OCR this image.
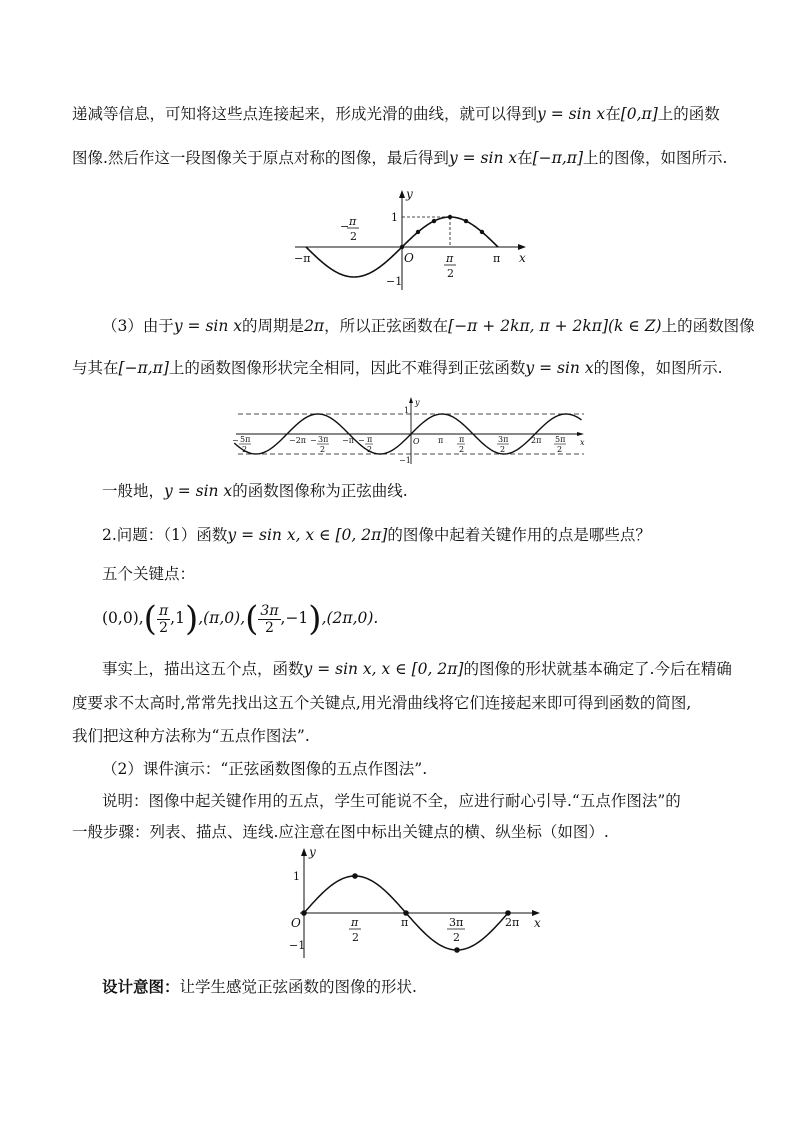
递减等信息，可知将这些点连接起来，形成光滑的曲线，就可以得到y = sin x在[0,π]上的函数
图像.然后作这一段图像关于原点对称的图像，最后得到y = sin x在[−π,π]上的图像，如图所示.
y
x
O
1
−1
−π	π
π
2
− π
2
（3）由于y = sin x的周期是2π，所以正弦函数在[−π + 2kπ, π + 2kπ](k ∈ Z)上的函数图像
与其在[−π,π]上的函数图像形状完全相同，因此不难得到正弦函数y = sin x的图像，如图所示.
y
x
O
1
−1
−2π	−π	π	2π
− 5π
2
− 3π
2
− π
2
π
2
3π
2
5π
2
一般地，y = sin x的函数图像称为正弦曲线.
2.问题：（1）函数y = sin x, x ∈ [0, 2π]的图像中起着关键作用的点是哪些点？
五个关键点：
$(0,0),( \frac{\pi}{2} ,1),(\pi,0),( \frac{3\pi}{2} ,-1),(2\pi,0)$.
事实上，描出这五个点，函数y = sin x, x ∈ [0, 2π]的图像的形状就基本确定了.今后在精确
度要求不太高时,常常先找出这五个关键点,用光滑曲线将它们连接起来即可得到函数的简图,
我们把这种方法称为“五点作图法”.
（2）课件演示：“正弦函数图像的五点作图法”.
说明：图像中起关键作用的五点，学生可能说不全，应进行耐心引导.“五点作图法”的
一般步骤：列表、描点、连线.应注意在图中标出关键点的横、纵坐标（如图）.
y
x
O
1
−1
π
2
π	3π
2
2π
设计意图：让学生感觉正弦函数的图像的形状.
